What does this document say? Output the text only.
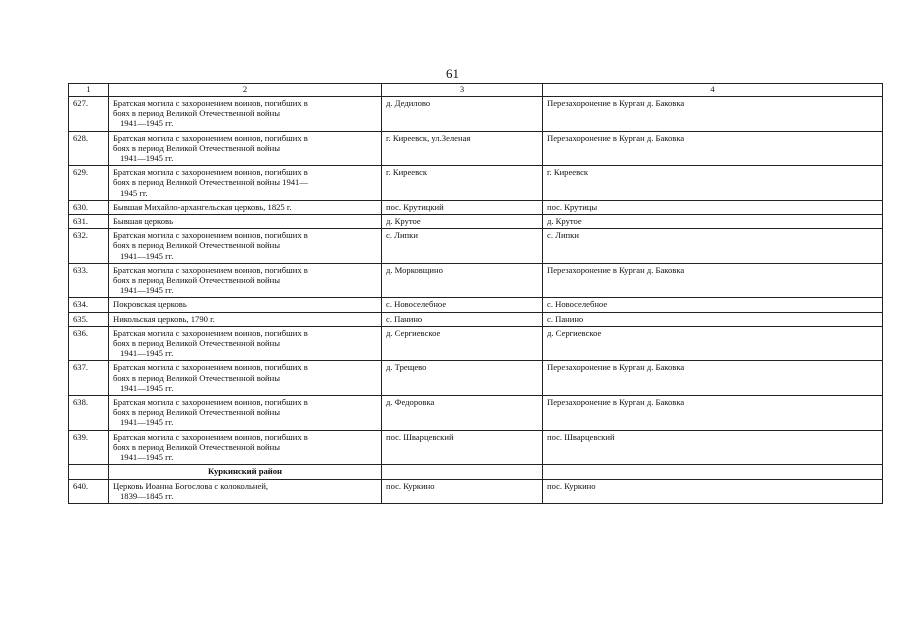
61
1	2	3	4
627.	Братская могила с захоронением воинов, погибших в
боях в период Великой Отечественной войны
1941—1945 гг.	д. Дедилово	Перезахоронение в Курган д. Баковка
628.	Братская могила с захоронением воинов, погибших в
боях в период Великой Отечественной войны
1941—1945 гг.	г. Киреевск, ул.Зеленая	Перезахоронение в Курган д. Баковка
629.	Братская могила с захоронением воинов, погибших в
боях в период Великой Отечественной войны 1941—
1945 гг.	г. Киреевск	г. Киреевск
630.	Бывшая Михайло-архангельская церковь, 1825 г.	пос. Крутицкий	пос. Крутицы
631.	Бывшая церковь	д. Крутое	д. Крутое
632.	Братская могила с захоронением воинов, погибших в
боях в период Великой Отечественной войны
1941—1945 гг.	с. Липки	с. Липки
633.	Братская могила с захоронением воинов, погибших в
боях в период Великой Отечественной войны
1941—1945 гг.	д. Морковщино	Перезахоронение в Курган д. Баковка
634.	Покровская церковь	с. Новоселебное	с. Новоселебное
635.	Никольская церковь, 1790 г.	с. Панино	с. Панино
636.	Братская могила с захоронением воинов, погибших в
боях в период Великой Отечественной войны
1941—1945 гг.	д. Сергиевское	д. Сергиевское
637.	Братская могила с захоронением воинов, погибших в
боях в период Великой Отечественной войны
1941—1945 гг.	д. Трещево	Перезахоронение в Курган д. Баковка
638.	Братская могила с захоронением воинов, погибших в
боях в период Великой Отечественной войны
1941—1945 гг.	д. Федоровка	Перезахоронение в Курган д. Баковка
639.	Братская могила с захоронением воинов, погибших в
боях в период Великой Отечественной войны
1941—1945 гг.	пос. Шварцевский	пос. Шварцевский
	Куркинский район		
640.	Церковь Иоанна Богослова с колокольней,
1839—1845 гг.	пос. Куркино	пос. Куркино
